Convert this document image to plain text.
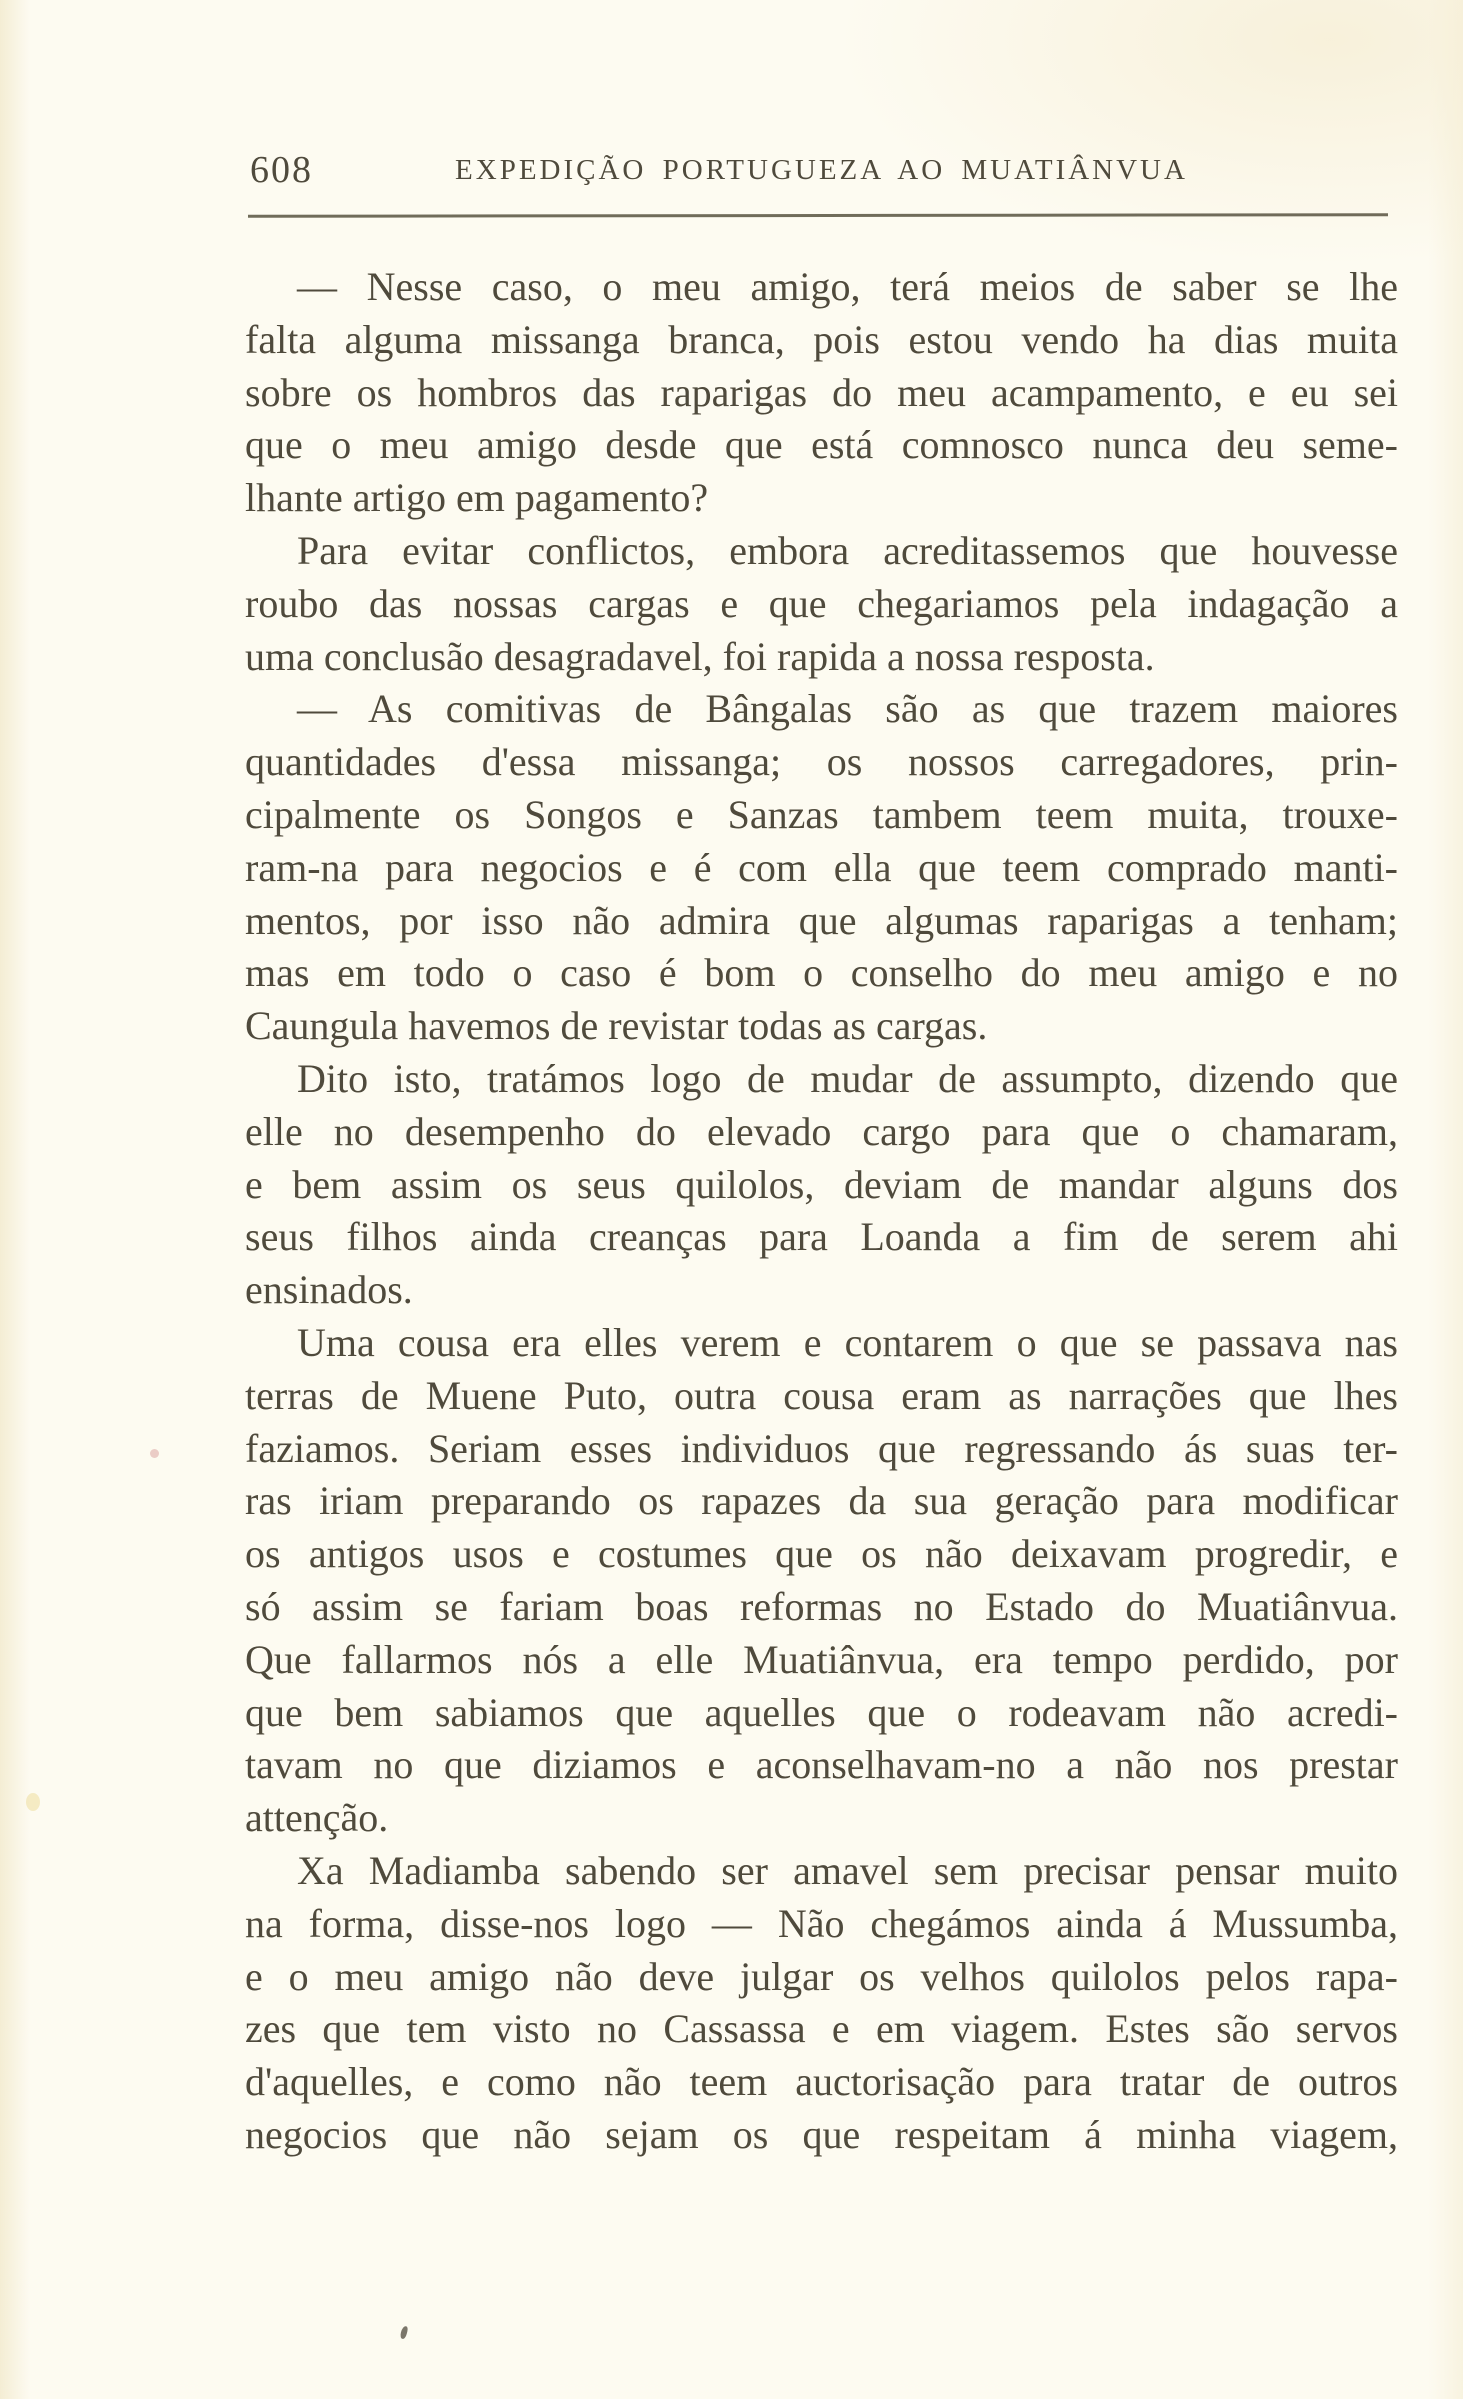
608	EXPEDIÇÃO PORTUGUEZA AO MUATIÂNVUA
— Nesse caso, o meu amigo, terá meios de saber se lhe
falta alguma missanga branca, pois estou vendo ha dias muita
sobre os hombros das raparigas do meu acampamento, e eu sei
que o meu amigo desde que está comnosco nunca deu seme-
lhante artigo em pagamento?
Para evitar conflictos, embora acreditassemos que houvesse
roubo das nossas cargas e que chegariamos pela indagação a
uma conclusão desagradavel, foi rapida a nossa resposta.
— As comitivas de Bângalas são as que trazem maiores
quantidades d'essa missanga; os nossos carregadores, prin-
cipalmente os Songos e Sanzas tambem teem muita, trouxe-
ram-na para negocios e é com ella que teem comprado manti-
mentos, por isso não admira que algumas raparigas a tenham;
mas em todo o caso é bom o conselho do meu amigo e no
Caungula havemos de revistar todas as cargas.
Dito isto, tratámos logo de mudar de assumpto, dizendo que
elle no desempenho do elevado cargo para que o chamaram,
e bem assim os seus quilolos, deviam de mandar alguns dos
seus filhos ainda creanças para Loanda a fim de serem ahi
ensinados.
Uma cousa era elles verem e contarem o que se passava nas
terras de Muene Puto, outra cousa eram as narrações que lhes
faziamos. Seriam esses individuos que regressando ás suas ter-
ras iriam preparando os rapazes da sua geração para modificar
os antigos usos e costumes que os não deixavam progredir, e
só assim se fariam boas reformas no Estado do Muatiânvua.
Que fallarmos nós a elle Muatiânvua, era tempo perdido, por
que bem sabiamos que aquelles que o rodeavam não acredi-
tavam no que diziamos e aconselhavam-no a não nos prestar
attenção.
Xa Madiamba sabendo ser amavel sem precisar pensar muito
na forma, disse-nos logo — Não chegámos ainda á Mussumba,
e o meu amigo não deve julgar os velhos quilolos pelos rapa-
zes que tem visto no Cassassa e em viagem. Estes são servos
d'aquelles, e como não teem auctorisação para tratar de outros
negocios que não sejam os que respeitam á minha viagem,
